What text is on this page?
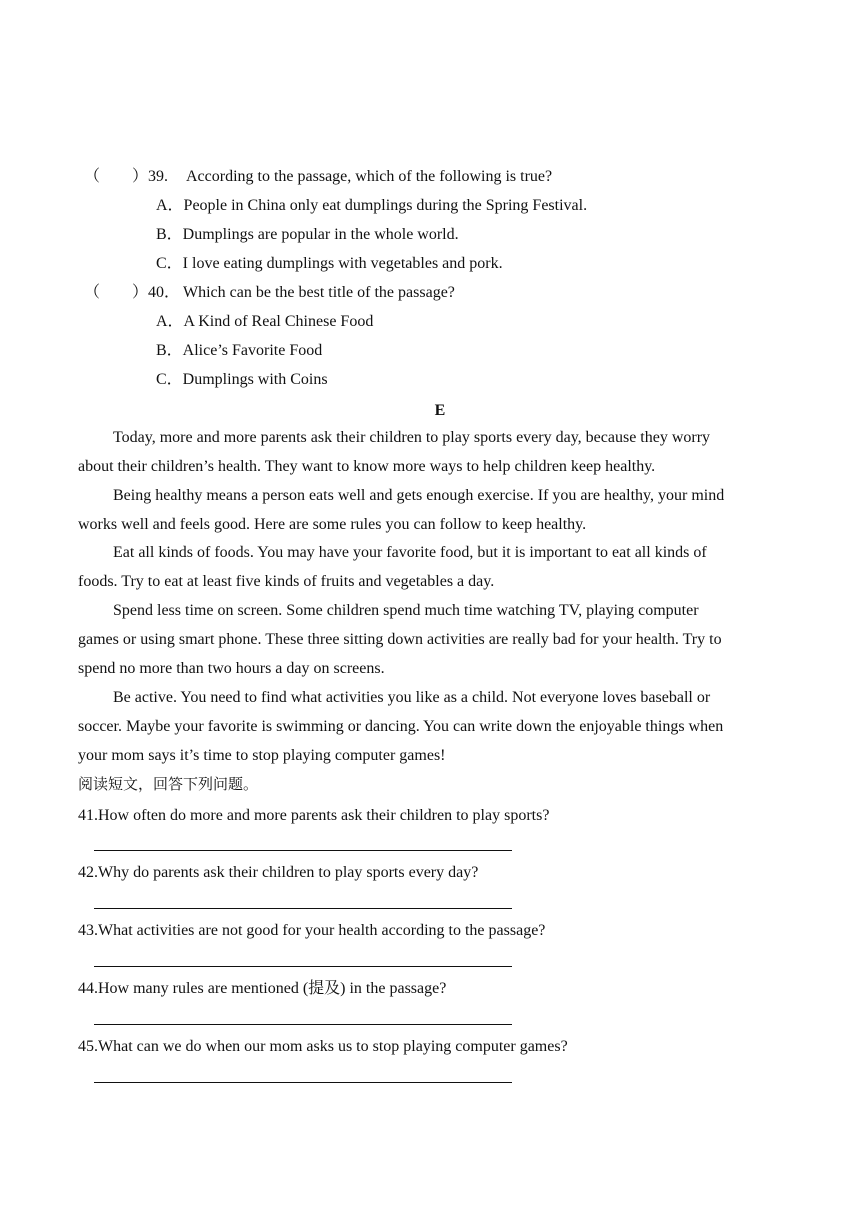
（　　） 39. According to the passage, which of the following is true?
A．People in China only eat dumplings during the Spring Festival.
B．Dumplings are popular in the whole world.
C．I love eating dumplings with vegetables and pork.
（　　） 40． Which can be the best title of the passage?
A．A Kind of Real Chinese Food
B．Alice’s Favorite Food
C．Dumplings with Coins
E
Today, more and more parents ask their children to play sports every day, because they worry
about their children’s health. They want to know more ways to help children keep healthy.
Being healthy means a person eats well and gets enough exercise. If you are healthy, your mind
works well and feels good. Here are some rules you can follow to keep healthy.
Eat all kinds of foods. You may have your favorite food, but it is important to eat all kinds of
foods. Try to eat at least five kinds of fruits and vegetables a day.
Spend less time on screen. Some children spend much time watching TV, playing computer
games or using smart phone. These three sitting down activities are really bad for your health. Try to
spend no more than two hours a day on screens.
Be active. You need to find what activities you like as a child. Not everyone loves baseball or
soccer. Maybe your favorite is swimming or dancing. You can write down the enjoyable things when
your mom says it’s time to stop playing computer games!
阅读短文，回答下列问题。
41.How often do more and more parents ask their children to play sports?
42.Why do parents ask their children to play sports every day?
43.What activities are not good for your health according to the passage?
44.How many rules are mentioned (提及) in the passage?
45.What can we do when our mom asks us to stop playing computer games?
